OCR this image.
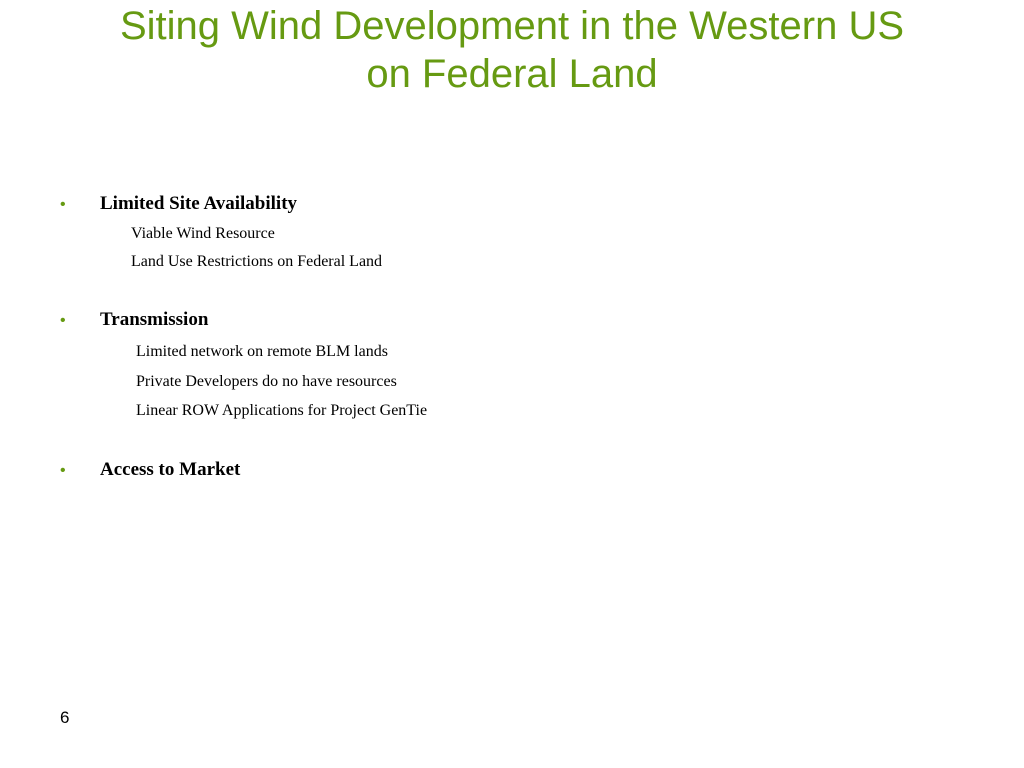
Siting Wind Development in the Western US
on Federal Land
•	Limited Site Availability
Viable Wind Resource
Land Use Restrictions on Federal Land
•	Transmission
Limited network on remote BLM lands
Private Developers do no have resources
Linear ROW Applications for Project GenTie
•	Access to Market
6
